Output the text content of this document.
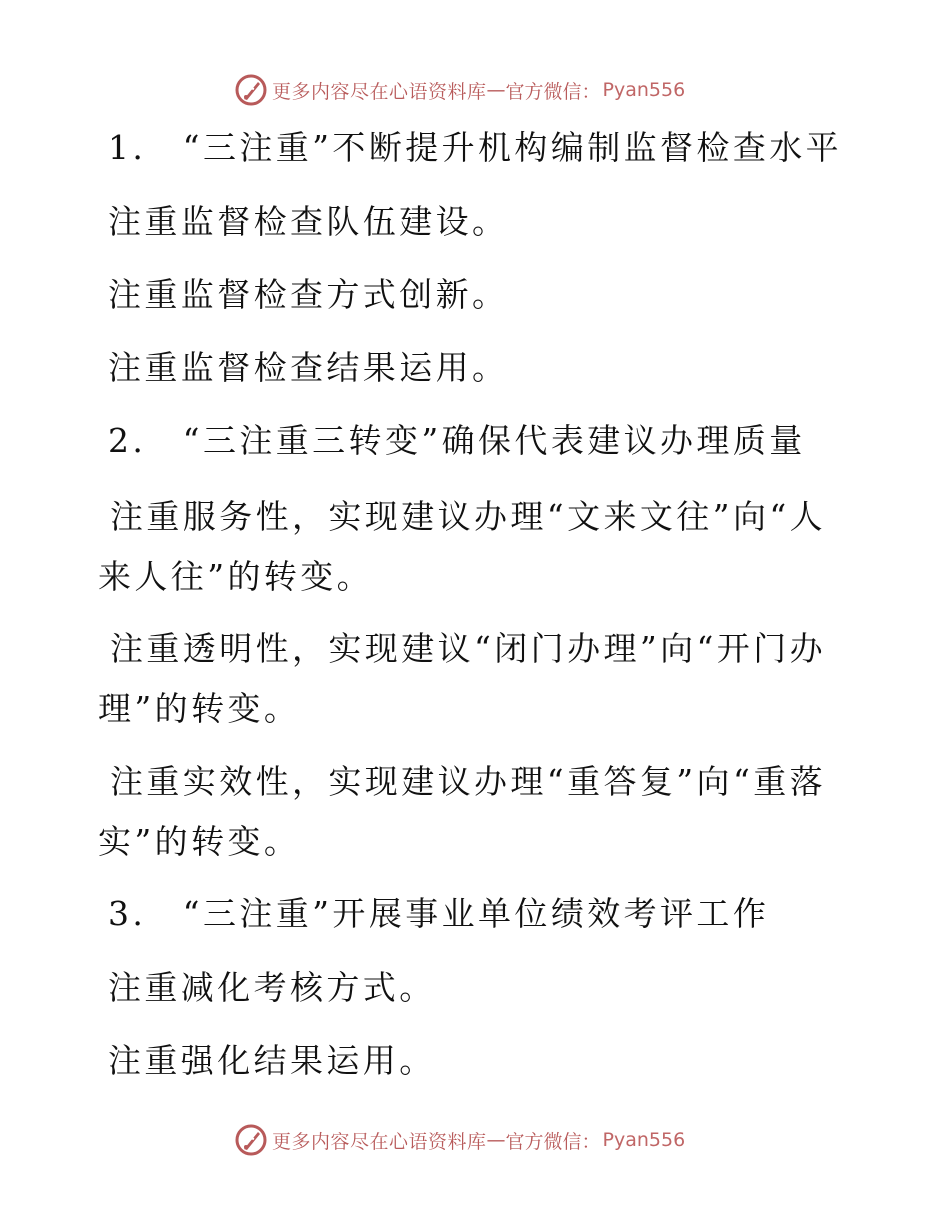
更多内容尽在心语资料库 — 官方微信： Pyan556
1.　“三注重”不断提升机构编制监督检查水平
注重监督检查队伍建设。
注重监督检查方式创新。
注重监督检查结果运用。
2.　“三注重三转变”确保代表建议办理质量
注重服务性，实现建议办理“文来文往”向“人来人往”的转变。
注重透明性，实现建议“闭门办理”向“开门办理”的转变。
注重实效性，实现建议办理“重答复”向“重落实”的转变。
3.　“三注重”开展事业单位绩效考评工作
注重减化考核方式。
注重强化结果运用。
更多内容尽在心语资料库 — 官方微信： Pyan556
